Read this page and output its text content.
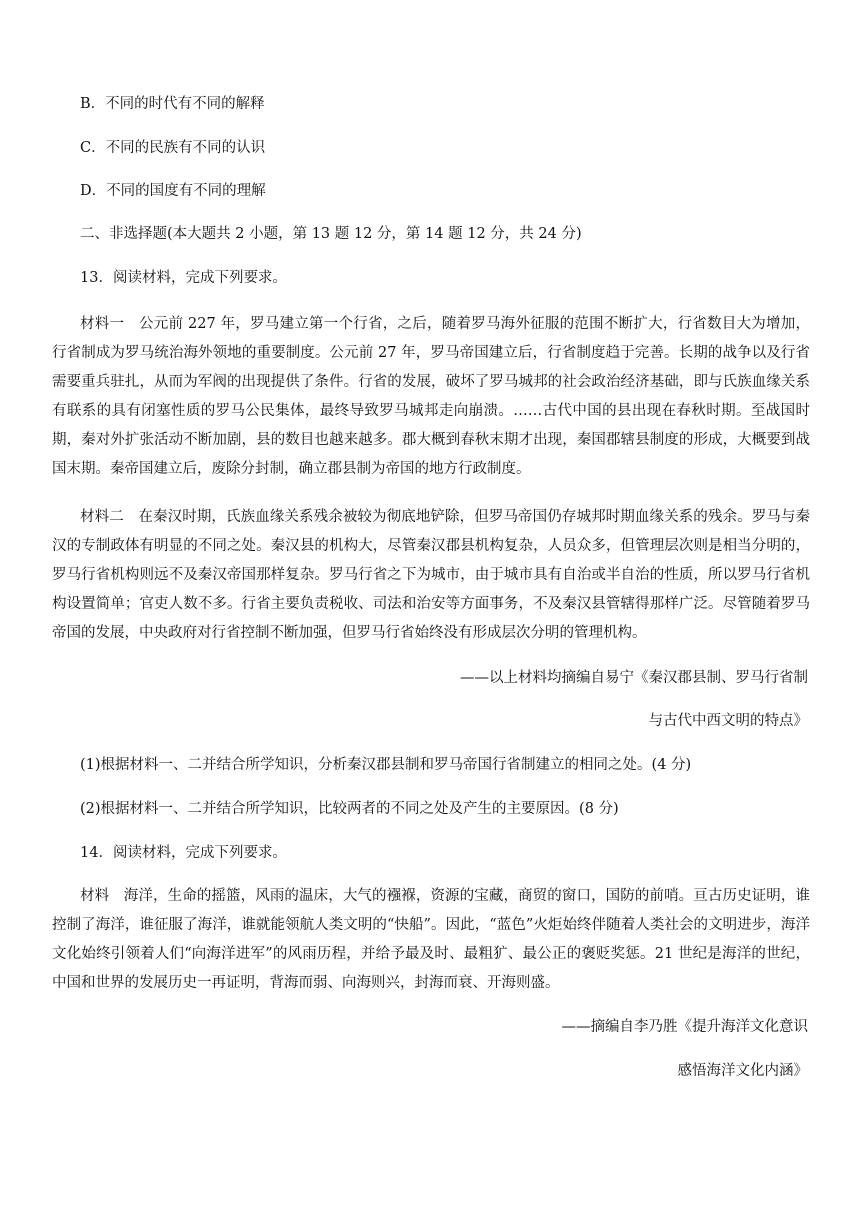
B．不同的时代有不同的解释
C．不同的民族有不同的认识
D．不同的国度有不同的理解
二、非选择题(本大题共 2 小题，第 13 题 12 分，第 14 题 12 分，共 24 分)
13．阅读材料，完成下列要求。
材料一　公元前 227 年，罗马建立第一个行省，之后，随着罗马海外征服的范围不断扩大，行省数目大为增加，行省制成为罗马统治海外领地的重要制度。公元前 27 年，罗马帝国建立后，行省制度趋于完善。长期的战争以及行省需要重兵驻扎，从而为军阀的出现提供了条件。行省的发展，破坏了罗马城邦的社会政治经济基础，即与氏族血缘关系有联系的具有闭塞性质的罗马公民集体，最终导致罗马城邦走向崩溃。……古代中国的县出现在春秋时期。至战国时期，秦对外扩张活动不断加剧，县的数目也越来越多。郡大概到春秋末期才出现，秦国郡辖县制度的形成，大概要到战国末期。秦帝国建立后，废除分封制，确立郡县制为帝国的地方行政制度。
材料二　在秦汉时期，氏族血缘关系残余被较为彻底地铲除，但罗马帝国仍存城邦时期血缘关系的残余。罗马与秦汉的专制政体有明显的不同之处。秦汉县的机构大，尽管秦汉郡县机构复杂，人员众多，但管理层次则是相当分明的，罗马行省机构则远不及秦汉帝国那样复杂。罗马行省之下为城市，由于城市具有自治或半自治的性质，所以罗马行省机构设置简单；官吏人数不多。行省主要负责税收、司法和治安等方面事务，不及秦汉县管辖得那样广泛。尽管随着罗马帝国的发展，中央政府对行省控制不断加强，但罗马行省始终没有形成层次分明的管理机构。
——以上材料均摘编自易宁《秦汉郡县制、罗马行省制
与古代中西文明的特点》
(1)根据材料一、二并结合所学知识，分析秦汉郡县制和罗马帝国行省制建立的相同之处。(4 分)
(2)根据材料一、二并结合所学知识，比较两者的不同之处及产生的主要原因。(8 分)
14．阅读材料，完成下列要求。
材料　海洋，生命的摇篮，风雨的温床，大气的襁褓，资源的宝藏，商贸的窗口，国防的前哨。亘古历史证明，谁控制了海洋，谁征服了海洋，谁就能领航人类文明的“快船”。因此，“蓝色”火炬始终伴随着人类社会的文明进步，海洋文化始终引领着人们“向海洋进军”的风雨历程，并给予最及时、最粗犷、最公正的褒贬奖惩。21 世纪是海洋的世纪，中国和世界的发展历史一再证明，背海而弱、向海则兴，封海而衰、开海则盛。
——摘编自李乃胜《提升海洋文化意识
感悟海洋文化内涵》
